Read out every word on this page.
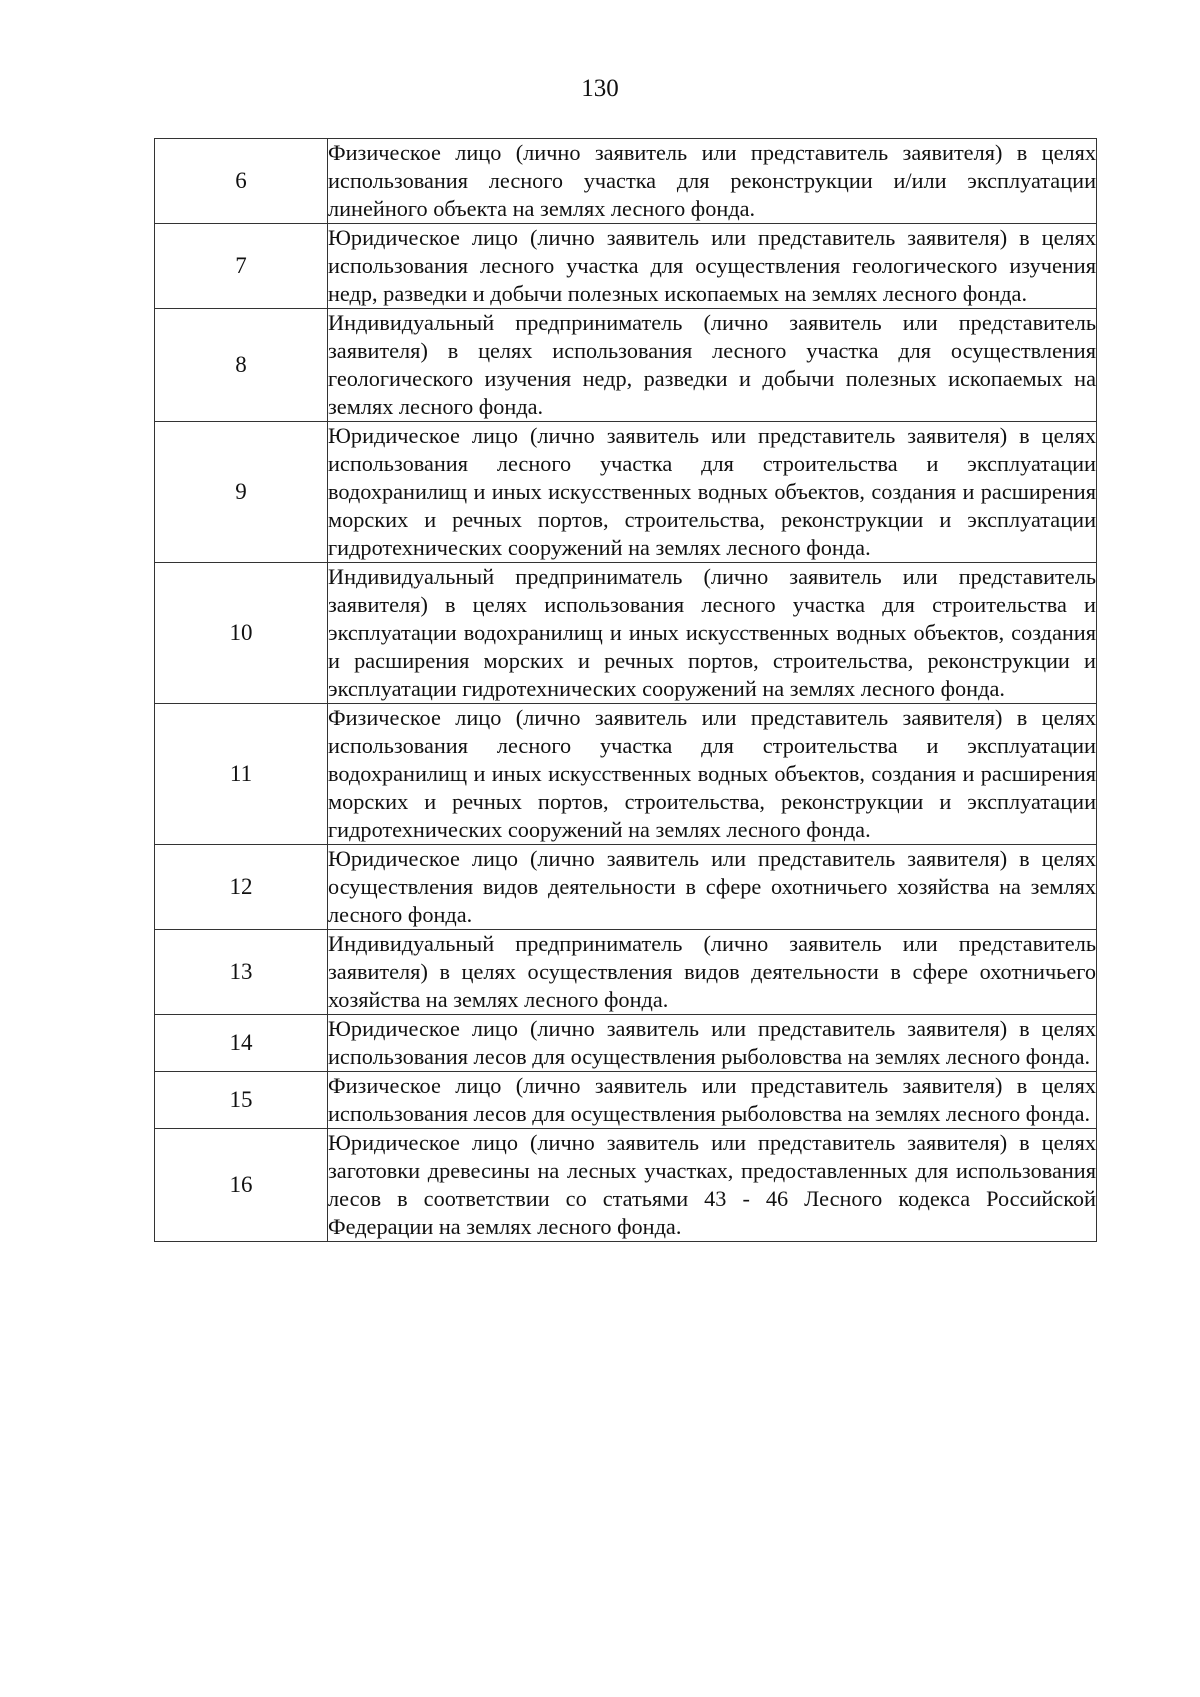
130
6	Физическое лицо (лично заявитель или представитель заявителя) в целях использования лесного участка для реконструкции и/или эксплуатации линейного объекта на землях лесного фонда.

7	Юридическое лицо (лично заявитель или представитель заявителя) в целях использования лесного участка для осуществления геологического изучения недр, разведки и добычи полезных ископаемых на землях лесного фонда.

8	Индивидуальный предприниматель (лично заявитель или представитель заявителя) в целях использования лесного участка для осуществления геологического изучения недр, разведки и добычи полезных ископаемых на землях лесного фонда.

9	Юридическое лицо (лично заявитель или представитель заявителя) в целях использования лесного участка для строительства и эксплуатации водохранилищ и иных искусственных водных объектов, создания и расширения морских и речных портов, строительства, реконструкции и эксплуатации гидротехнических сооружений на землях лесного фонда.

10	Индивидуальный предприниматель (лично заявитель или представитель заявителя) в целях использования лесного участка для строительства и эксплуатации водохранилищ и иных искусственных водных объектов, создания и расширения морских и речных портов, строительства, реконструкции и эксплуатации гидротехнических сооружений на землях лесного фонда.

11	Физическое лицо (лично заявитель или представитель заявителя) в целях использования лесного участка для строительства и эксплуатации водохранилищ и иных искусственных водных объектов, создания и расширения морских и речных портов, строительства, реконструкции и эксплуатации гидротехнических сооружений на землях лесного фонда.

12	Юридическое лицо (лично заявитель или представитель заявителя) в целях осуществления видов деятельности в сфере охотничьего хозяйства на землях лесного фонда.

13	Индивидуальный предприниматель (лично заявитель или представитель заявителя) в целях осуществления видов деятельности в сфере охотничьего хозяйства на землях лесного фонда.

14	Юридическое лицо (лично заявитель или представитель заявителя) в целях использования лесов для осуществления рыболовства на землях лесного фонда.

15	Физическое лицо (лично заявитель или представитель заявителя) в целях использования лесов для осуществления рыболовства на землях лесного фонда.

16	Юридическое лицо (лично заявитель или представитель заявителя) в целях заготовки древесины на лесных участках, предоставленных для использования лесов в соответствии со статьями 43 - 46 Лесного кодекса Российской Федерации на землях лесного фонда.
